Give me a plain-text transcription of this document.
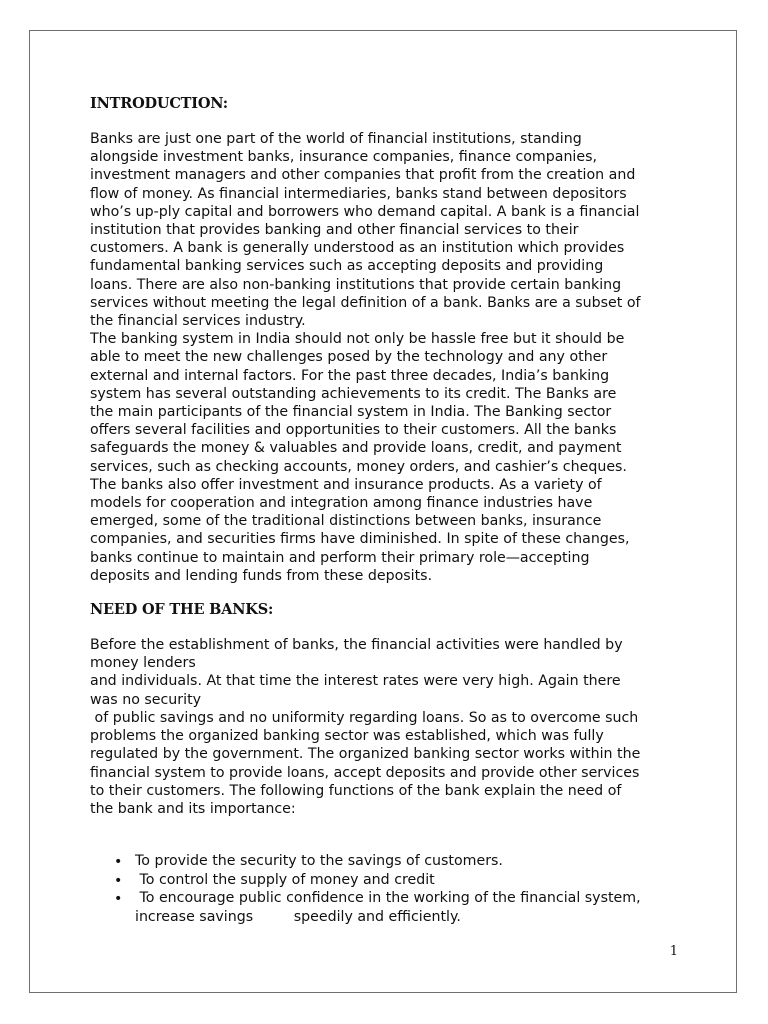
INTRODUCTION:
Banks are just one part of the world of financial institutions, standing
alongside investment banks, insurance companies, finance companies,
investment managers and other companies that profit from the creation and
flow of money. As financial intermediaries, banks stand between depositors
who’s up-ply capital and borrowers who demand capital. A bank is a financial
institution that provides banking and other financial services to their
customers. A bank is generally understood as an institution which provides
fundamental banking services such as accepting deposits and providing
loans. There are also non-banking institutions that provide certain banking
services without meeting the legal definition of a bank. Banks are a subset of
the financial services industry.
The banking system in India should not only be hassle free but it should be
able to meet the new challenges posed by the technology and any other
external and internal factors. For the past three decades, India’s banking
system has several outstanding achievements to its credit. The Banks are
the main participants of the financial system in India. The Banking sector
offers several facilities and opportunities to their customers. All the banks
safeguards the money & valuables and provide loans, credit, and payment
services, such as checking accounts, money orders, and cashier’s cheques.
The banks also offer investment and insurance products. As a variety of
models for cooperation and integration among finance industries have
emerged, some of the traditional distinctions between banks, insurance
companies, and securities firms have diminished. In spite of these changes,
banks continue to maintain and perform their primary role—accepting
deposits and lending funds from these deposits.
NEED OF THE BANKS:
Before the establishment of banks, the financial activities were handled by
money lenders
and individuals. At that time the interest rates were very high. Again there
was no security
of public savings and no uniformity regarding loans. So as to overcome such
problems the organized banking sector was established, which was fully
regulated by the government. The organized banking sector works within the
financial system to provide loans, accept deposits and provide other services
to their customers. The following functions of the bank explain the need of
the bank and its importance:
• To provide the security to the savings of customers.
• To control the supply of money and credit
• To encourage public confidence in the working of the financial system,
increase savings         speedily and efficiently.
1
